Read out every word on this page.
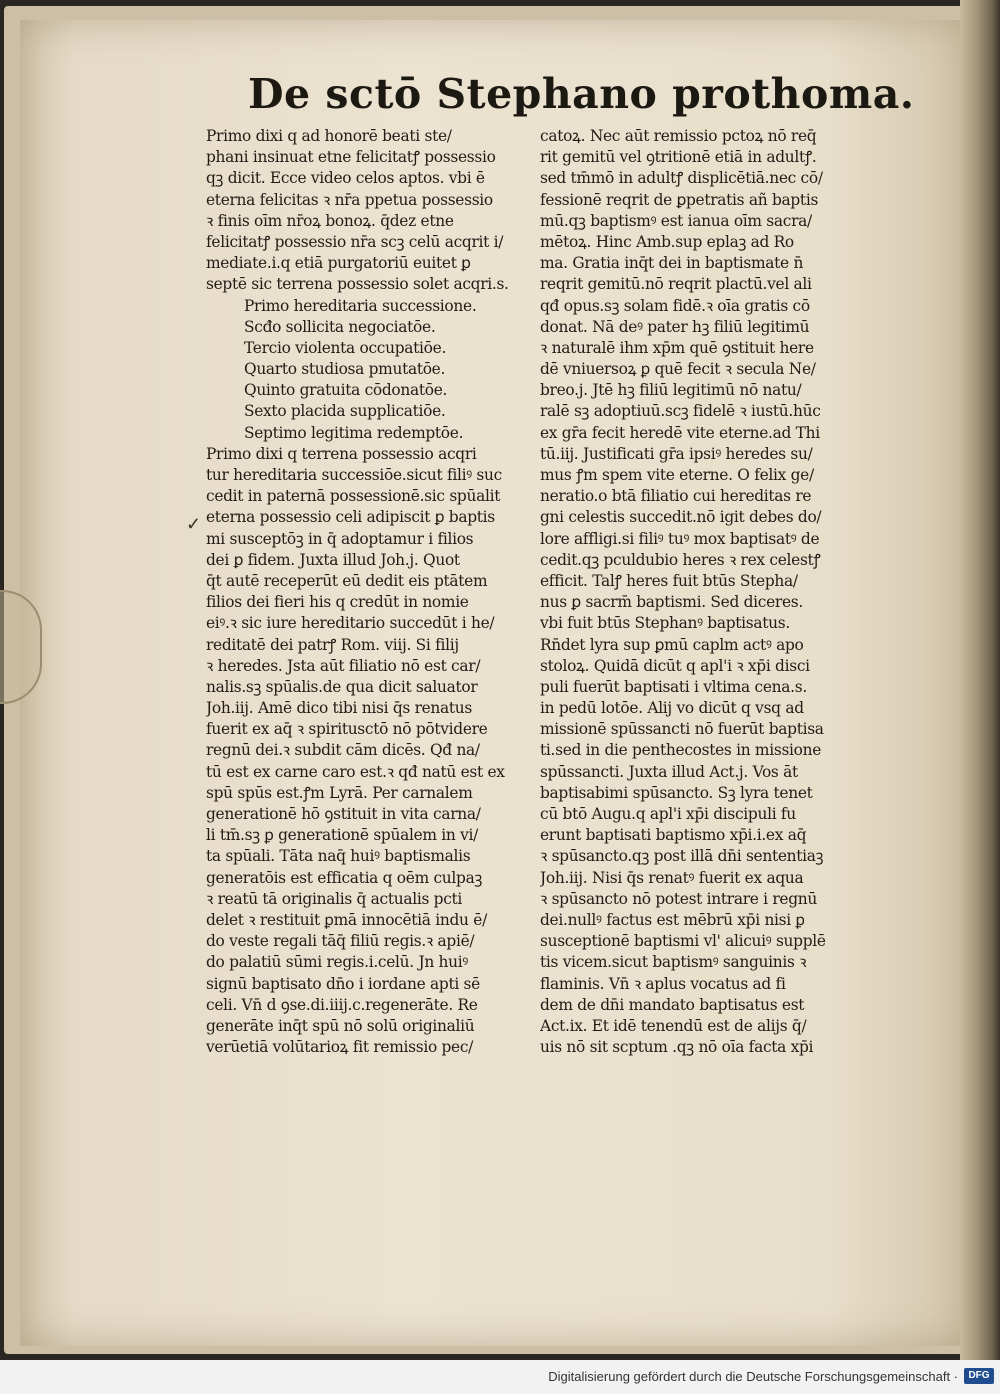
De sctō Stephano prothoma.
✓
Primo dixi q ad honorē beati ste/
phani insinuat etne felicitatꝭ possessio
qꝫ dicit. Ecce video celos aptos. vbi ē
eterna felicitas ꝛ nr̄a ppetua possessio
ꝛ finis oīm nr̄oꝝ bonoꝝ. q̄dez etne
felicitatꝭ possessio nr̄a scꝫ celū acqrit i/
mediate.i.q etiā purgatoriū euitet ꝑ
septē sic terrena possessio solet acqri.s.
Primo hereditaria successione.
Scđo sollicita negociatōe.
Tercio violenta occupatiōe.
Quarto studiosa pmutatōe.
Quinto gratuita cōdonatōe.
Sexto placida supplicatiōe.
Septimo legitima redemptōe.
Primo dixi q terrena possessio acqri
tur hereditaria successiōe.sicut filiꝰ suc
cedit in paternā possessionē.sic spūalit
eterna possessio celi adipiscit ꝑ baptis
mi susceptōꝫ in q̄ adoptamur i filios
dei ꝑ fidem. Juxta illud Joh.j. Quot
q̄t autē receperūt eū dedit eis ptātem
filios dei fieri his q credūt in nomie
eiꝰ.ꝛ sic iure hereditario succedūt i he/
reditatē dei patrꝭ Rom. viij. Si filij
ꝛ heredes. Jsta aūt filiatio nō est car/
nalis.sꝫ spūalis.de qua dicit saluator
Joh.iij. Amē dico tibi nisi q̄s renatus
fuerit ex aq̄ ꝛ spiritusctō nō pōtvidere
regnū dei.ꝛ subdit cām dicēs. Qđ na/
tū est ex carne caro est.ꝛ qđ natū est ex
spū spūs est.ꝭm Lyrā. Per carnalem
generationē hō ꝯstituit in vita carna/
li tm̄.sꝫ ꝑ generationē spūalem in vi/
ta spūali. Tāta naq̄ huiꝰ baptismalis
generatōis est efficatia q oēm culpaꝫ
ꝛ reatū tā originalis q̄ actualis pcti
delet ꝛ restituit ꝑmā innocētiā indu ē/
do veste regali tāq̄ filiū regis.ꝛ apiē/
do palatiū sūmi regis.i.celū. Jn huiꝰ
signū baptisato dn̄o i iordane apti sē
celi. Vn̄ d ꝯse.di.iiij.c.regenerāte. Re
generāte inq̄t spū nō solū originaliū
verūetiā volūtarioꝝ fit remissio pec/
catoꝝ. Nec aūt remissio pctoꝝ nō req̄
rit gemitū vel ꝯtritionē etiā in adultꝭ.
sed tm̄mō in adultꝭ displicētiā.nec cō/
fessionē reqrit de ꝑpetratis añ baptis
mū.qꝫ baptismꝰ est ianua oīm sacra/
mētoꝝ. Hinc Amb.sup eplaꝫ ad Ro
ma. Gratia inq̄t dei in baptismate n̄
reqrit gemitū.nō reqrit plactū.vel ali
qđ opus.sꝫ solam fidē.ꝛ oīa gratis cō
donat. Nā deꝰ pater hꝫ filiū legitimū
ꝛ naturalē ihm xp̄m quē ꝯstituit here
dē vniuersoꝝ ꝑ quē fecit ꝛ secula Ne/
breo.j. Jtē hꝫ filiū legitimū nō natu/
ralē sꝫ adoptiuū.scꝫ fidelē ꝛ iustū.hūc
ex gr̄a fecit heredē vite eterne.ad Thi
tū.iij. Justificati gr̄a ipsiꝰ heredes su/
mus ꝭm spem vite eterne. O felix ge/
neratio.o btā filiatio cui hereditas re
gni celestis succedit.nō igit debes do/
lore affligi.si filiꝰ tuꝰ mox baptisatꝰ de
cedit.qꝫ pculdubio heres ꝛ rex celestꝭ
efficit. Talꝭ heres fuit btūs Stepha/
nus ꝑ sacrm̄ baptismi. Sed diceres.
vbi fuit btūs Stephanꝰ baptisatus.
Rn̄det lyra sup ꝑmū caplm actꝰ apo
stoloꝝ. Quidā dicūt q apl'i ꝛ xp̄i disci
puli fuerūt baptisati i vltima cena.s.
in pedū lotōe. Alij vo dicūt q vsq ad
missionē spūssancti nō fuerūt baptisa
ti.sed in die penthecostes in missione
spūssancti. Juxta illud Act.j. Vos āt
baptisabimi spūsancto. Sꝫ lyra tenet
cū btō Augu.q apl'i xp̄i discipuli fu
erunt baptisati baptismo xp̄i.i.ex aq̄
ꝛ spūsancto.qꝫ post illā dn̄i sententiaꝫ
Joh.iij. Nisi q̄s renatꝰ fuerit ex aqua
ꝛ spūsancto nō potest intrare i regnū
dei.nullꝰ factus est mēbrū xp̄i nisi ꝑ
susceptionē baptismi vl' alicuiꝰ supplē
tis vicem.sicut baptismꝰ sanguinis ꝛ
flaminis. Vn̄ ꝛ aplus vocatus ad fi
dem de dn̄i mandato baptisatus est
Act.ix. Et idē tenendū est de alijs q̄/
uis nō sit scptum .qꝫ nō oīa facta xp̄i
Digitalisierung gefördert durch die Deutsche Forschungsgemeinschaft ·	DFG
